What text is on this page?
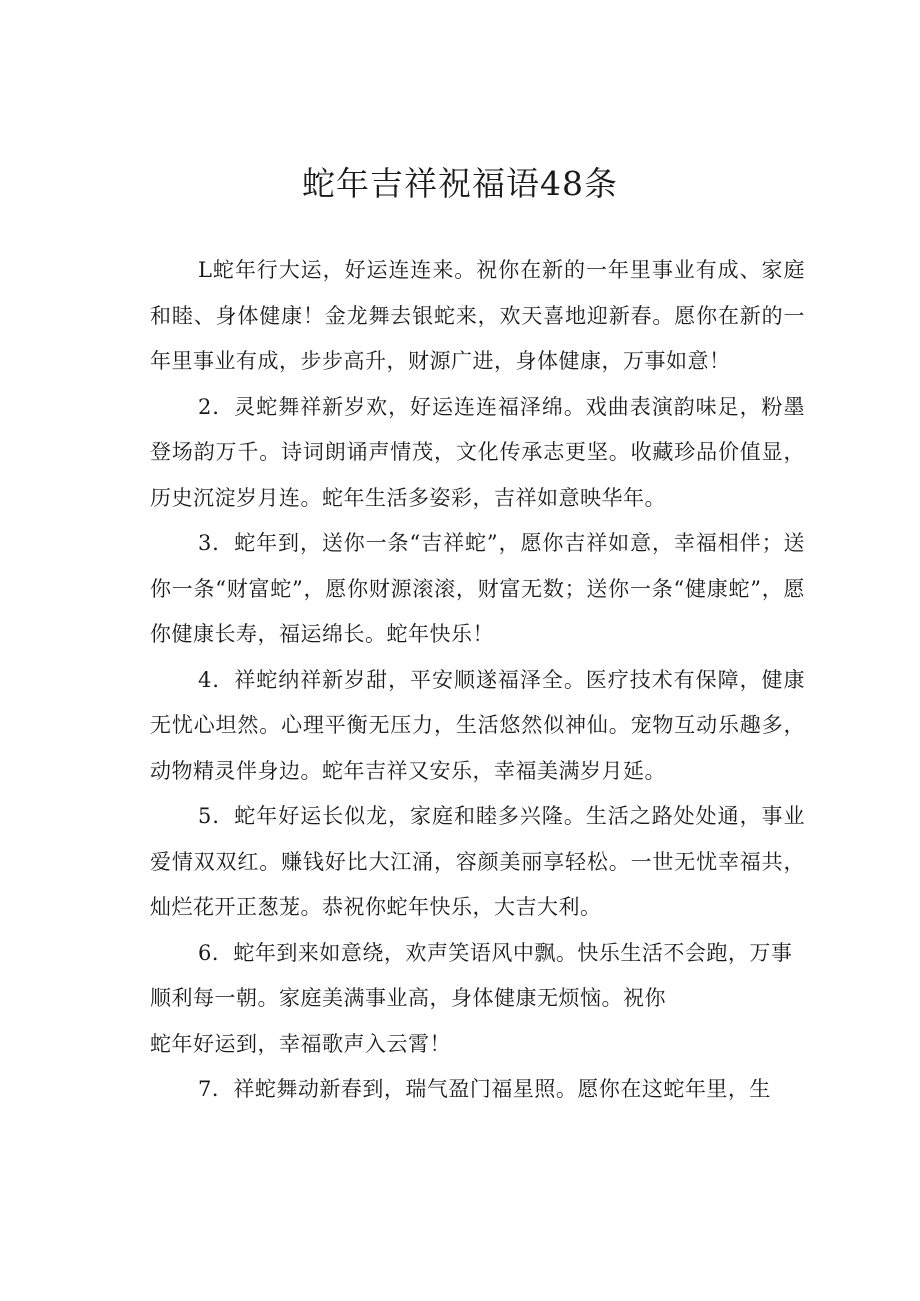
蛇年吉祥祝福语48条

L蛇年行大运，好运连连来。祝你在新的一年里事业有成、家庭和睦、身体健康！金龙舞去银蛇来，欢天喜地迎新春。愿你在新的一年里事业有成，步步高升，财源广进，身体健康，万事如意！

2．灵蛇舞祥新岁欢，好运连连福泽绵。戏曲表演韵味足，粉墨登场韵万千。诗词朗诵声情茂，文化传承志更坚。收藏珍品价值显，历史沉淀岁月连。蛇年生活多姿彩，吉祥如意映华年。

3．蛇年到，送你一条“吉祥蛇”，愿你吉祥如意，幸福相伴；送你一条“财富蛇”，愿你财源滚滚，财富无数；送你一条“健康蛇”，愿你健康长寿，福运绵长。蛇年快乐！

4．祥蛇纳祥新岁甜，平安顺遂福泽全。医疗技术有保障，健康无忧心坦然。心理平衡无压力，生活悠然似神仙。宠物互动乐趣多，动物精灵伴身边。蛇年吉祥又安乐，幸福美满岁月延。

5．蛇年好运长似龙，家庭和睦多兴隆。生活之路处处通，事业爱情双双红。赚钱好比大江涌，容颜美丽享轻松。一世无忧幸福共，灿烂花开正葱茏。恭祝你蛇年快乐，大吉大利。

6．蛇年到来如意绕，欢声笑语风中飘。快乐生活不会跑，万事顺利每一朝。家庭美满事业高，身体健康无烦恼。祝你

蛇年好运到，幸福歌声入云霄！

7．祥蛇舞动新春到，瑞气盈门福星照。愿你在这蛇年里，生
